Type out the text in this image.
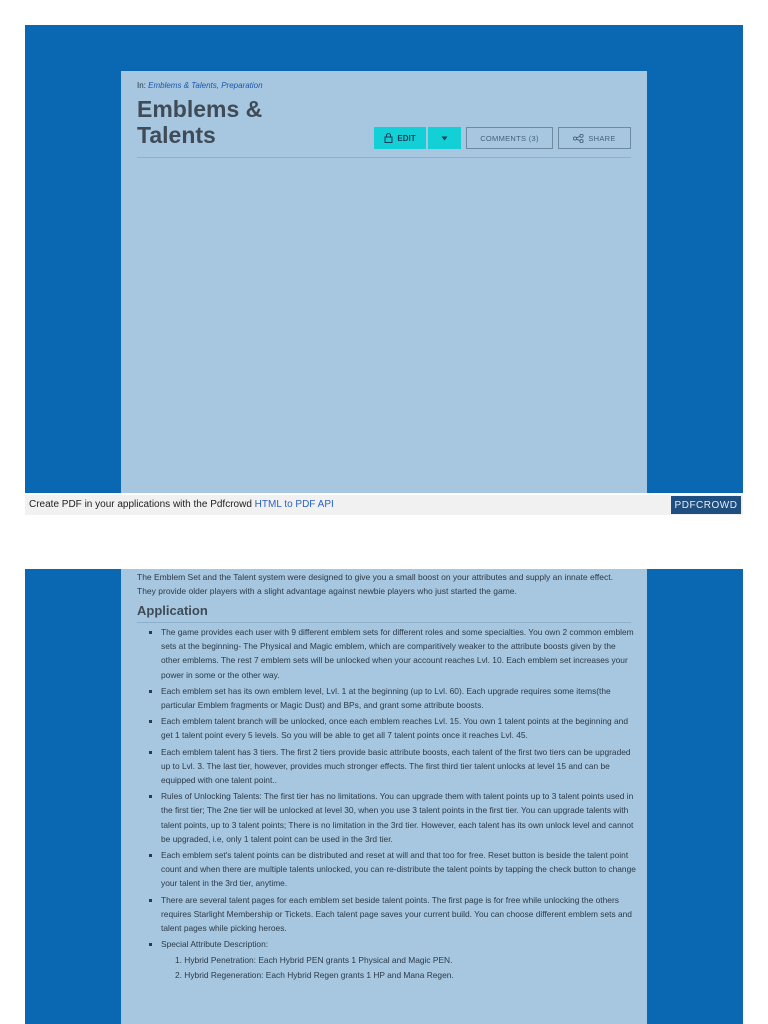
In: Emblems & Talents, Preparation
Emblems &
Talents	EDIT	COMMENTS (3)	SHARE
Create PDF in your applications with the Pdfcrowd HTML to PDF API	PDFCROWD
The Emblem Set and the Talent system were designed to give you a small boost on your attributes and supply an innate effect. They provide older players with a slight advantage against newbie players who just started the game.
Application
The game provides each user with 9 different emblem sets for different roles and some specialties. You own 2 common emblem sets at the beginning- The Physical and Magic emblem, which are comparitively weaker to the attribute boosts given by the other emblems. The rest 7 emblem sets will be unlocked when your account reaches Lvl. 10. Each emblem set increases your power in some or the other way.
Each emblem set has its own emblem level, Lvl. 1 at the beginning (up to Lvl. 60). Each upgrade requires some items(the particular Emblem fragments or Magic Dust) and BPs, and grant some attribute boosts.
Each emblem talent branch will be unlocked, once each emblem reaches Lvl. 15. You own 1 talent points at the beginning and get 1 talent point every 5 levels. So you will be able to get all 7 talent points once it reaches Lvl. 45.
Each emblem talent has 3 tiers. The first 2 tiers provide basic attribute boosts, each talent of the first two tiers can be upgraded up to Lvl. 3. The last tier, however, provides much stronger effects. The first third tier talent unlocks at level 15 and can be equipped with one talent point..
Rules of Unlocking Talents: The first tier has no limitations. You can upgrade them with talent points up to 3 talent points used in the first tier; The 2ne tier will be unlocked at level 30, when you use 3 talent points in the first tier. You can upgrade talents with talent points, up to 3 talent points; There is no limitation in the 3rd tier. However, each talent has its own unlock level and cannot be upgraded, i.e, only 1 talent point can be used in the 3rd tier.
Each emblem set's talent points can be distributed and reset at will and that too for free. Reset button is beside the talent point count and when there are multiple talents unlocked, you can re-distribute the talent points by tapping the check button to change your talent in the 3rd tier, anytime.
There are several talent pages for each emblem set beside talent points. The first page is for free while unlocking the others requires Starlight Membership or Tickets. Each talent page saves your current build. You can choose different emblem sets and talent pages while picking heroes.
Special Attribute Description:
1. Hybrid Penetration: Each Hybrid PEN grants 1 Physical and Magic PEN.
2. Hybrid Regeneration: Each Hybrid Regen grants 1 HP and Mana Regen.
